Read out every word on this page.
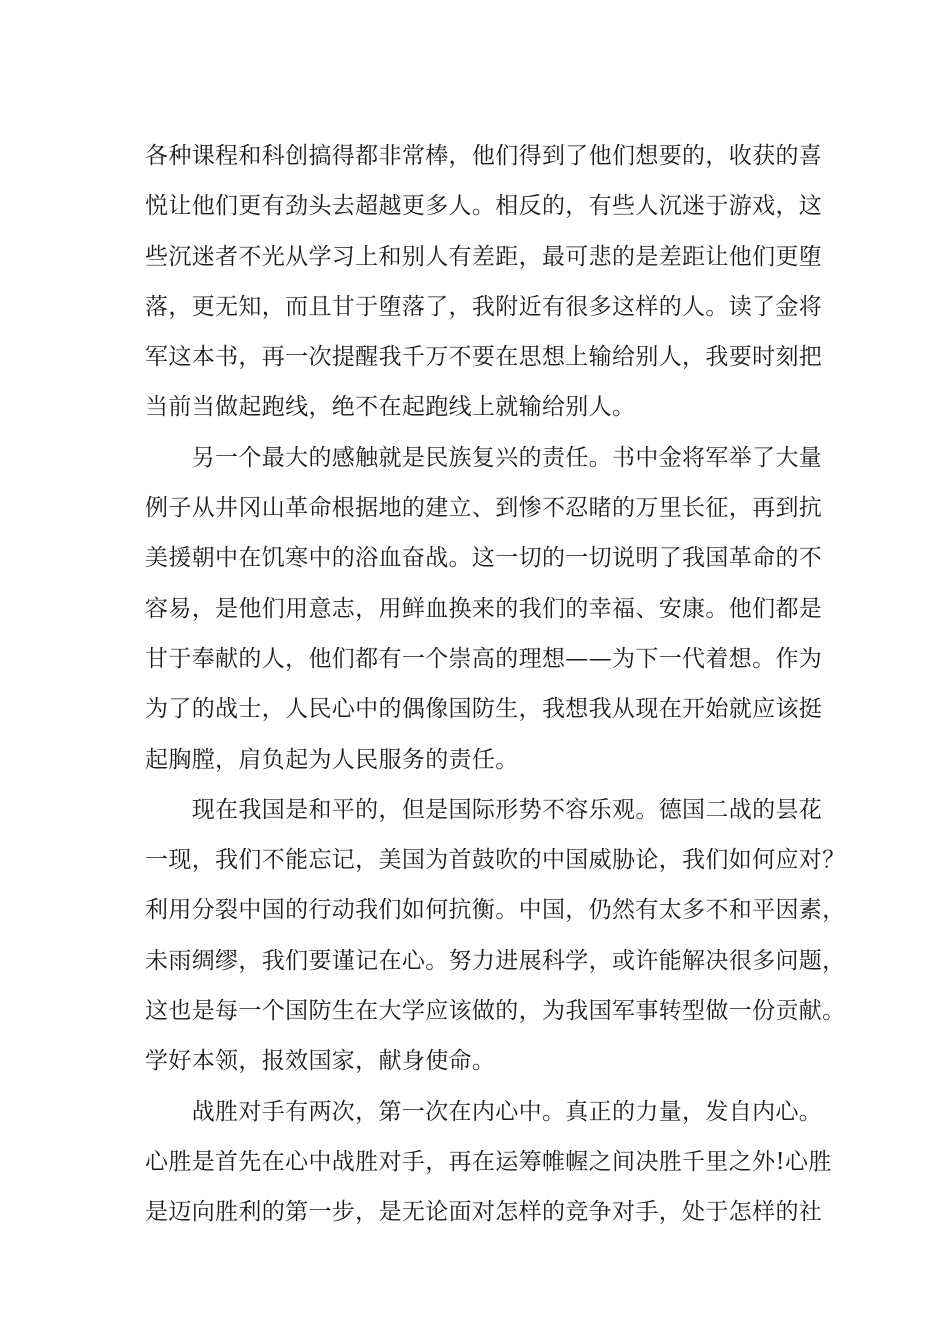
各种课程和科创搞得都非常棒，他们得到了他们想要的，收获的喜
悦让他们更有劲头去超越更多人。相反的，有些人沉迷于游戏，这
些沉迷者不光从学习上和别人有差距，最可悲的是差距让他们更堕
落，更无知，而且甘于堕落了，我附近有很多这样的人。读了金将
军这本书，再一次提醒我千万不要在思想上输给别人，我要时刻把
当前当做起跑线，绝不在起跑线上就输给别人。
　　另一个最大的感触就是民族复兴的责任。书中金将军举了大量
例子从井冈山革命根据地的建立、到惨不忍睹的万里长征，再到抗
美援朝中在饥寒中的浴血奋战。这一切的一切说明了我国革命的不
容易，是他们用意志，用鲜血换来的我们的幸福、安康。他们都是
甘于奉献的人，他们都有一个崇高的理想——为下一代着想。作为
为了的战士，人民心中的偶像国防生，我想我从现在开始就应该挺
起胸膛，肩负起为人民服务的责任。
　　现在我国是和平的，但是国际形势不容乐观。德国二战的昙花
一现，我们不能忘记，美国为首鼓吹的中国威胁论，我们如何应对？
利用分裂中国的行动我们如何抗衡。中国，仍然有太多不和平因素，
未雨绸缪，我们要谨记在心。努力进展科学，或许能解决很多问题，
这也是每一个国防生在大学应该做的，为我国军事转型做一份贡献。
学好本领，报效国家，献身使命。
　　战胜对手有两次，第一次在内心中。真正的力量，发自内心。
心胜是首先在心中战胜对手，再在运筹帷幄之间决胜千里之外!心胜
是迈向胜利的第一步，是无论面对怎样的竞争对手，处于怎样的社
